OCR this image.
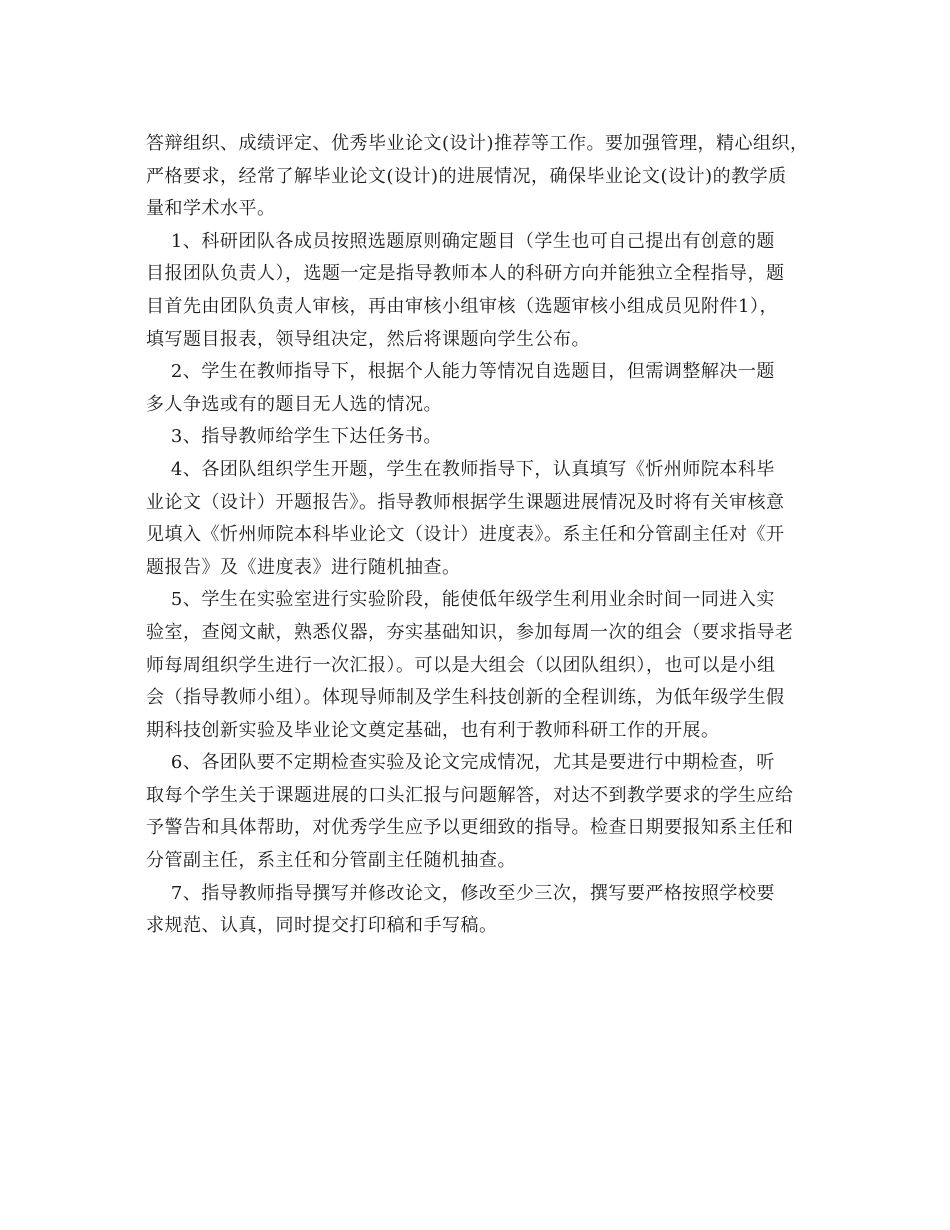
答辩组织、成绩评定、优秀毕业论文(设计)推荐等工作。要加强管理，精心组织，
严格要求，经常了解毕业论文(设计)的进展情况，确保毕业论文(设计)的教学质
量和学术水平。

1、科研团队各成员按照选题原则确定题目（学生也可自己提出有创意的题
目报团队负责人），选题一定是指导教师本人的科研方向并能独立全程指导，题
目首先由团队负责人审核，再由审核小组审核（选题审核小组成员见附件1），
填写题目报表，领导组决定，然后将课题向学生公布。

2、学生在教师指导下，根据个人能力等情况自选题目，但需调整解决一题
多人争选或有的题目无人选的情况。

3、指导教师给学生下达任务书。

4、各团队组织学生开题，学生在教师指导下，认真填写《忻州师院本科毕
业论文（设计）开题报告》。指导教师根据学生课题进展情况及时将有关审核意
见填入《忻州师院本科毕业论文（设计）进度表》。系主任和分管副主任对《开
题报告》及《进度表》进行随机抽查。

5、学生在实验室进行实验阶段，能使低年级学生利用业余时间一同进入实
验室，查阅文献，熟悉仪器，夯实基础知识，参加每周一次的组会（要求指导老
师每周组织学生进行一次汇报）。可以是大组会（以团队组织），也可以是小组
会（指导教师小组）。体现导师制及学生科技创新的全程训练，为低年级学生假
期科技创新实验及毕业论文奠定基础，也有利于教师科研工作的开展。

6、各团队要不定期检查实验及论文完成情况，尤其是要进行中期检查，听
取每个学生关于课题进展的口头汇报与问题解答，对达不到教学要求的学生应给
予警告和具体帮助，对优秀学生应予以更细致的指导。检查日期要报知系主任和
分管副主任，系主任和分管副主任随机抽查。

7、指导教师指导撰写并修改论文，修改至少三次，撰写要严格按照学校要
求规范、认真，同时提交打印稿和手写稿。
